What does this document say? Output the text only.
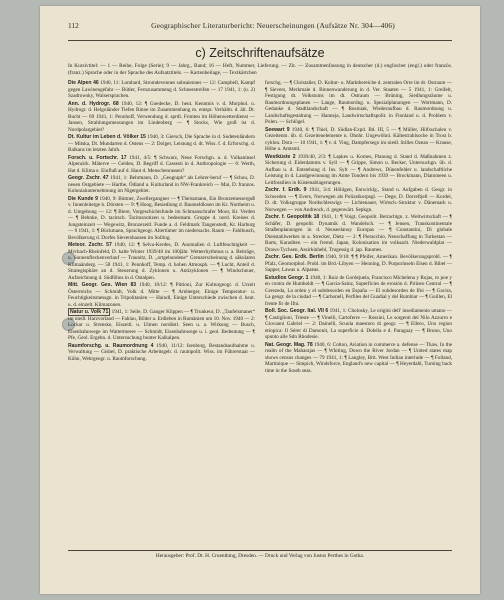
112	Geographischer Literaturbericht: Neuerscheinungen (Aufsätze Nr. 304—406)
c) Zeitschriftenaufsätze
In Kursivtitel: — 1 — Reihe, Folge (Serie); 9 — Jahrg., Band; 16 — Heft, Nummer, Lieferung. — Zit. — Zusammenfassung in deutscher (d.) englischer (engl.) oder französ. (franz.) Sprache oder in der Sprache des Aufsatztitels. — Kartenbeilage, — Textkärtchen

Die Alpen 46 1940, 11: Lombard, Stromdevennes subsaiennes — 12: Campbell, Kampf gegen Lawinengefahr — Bütler, Fernzusammeng d. Schneestreifen — 17 1941, 1: (u. 2) Szadrowsky, Walsersprachen.

Ann. d. Hydrogr. 68 1940, 12: ¶ Goedecke, D. heut. Kenntnis v. d. Morphol. u. Hydrogr. d. Helgoländer Tiefen Rinne im Zusammenhang m. entspr. Verhältn. d. ält. Dt. Bucht — 69 1941, 1: Pennhoff, Verwendung d. sprdl. Fronten im Höhenwetterdienst — Jansen, Strahlungsmessungen im Lindenberg — ¶ Stocks, Wie groß ist d. Nordpolargebiet?

Dt. Kultur im Leben d. Völker 15 1940, 3: Giersch, Die Sprache in d. Sudetenländern — Mitska, Dt. Mundarten d. Ostens — 2: Dolger, Leistung d. dt. Wiss. f. d. Erforschg. d. Balkans im letzten Jahrh.

Forsch. u. Fortschr. 17 1941, 4/5: ¶ Schwarz, Neue Forschgn. a. d. Vulkaninsel Alpenzirk. Mäterve — Gelden, D. Begriff d. Cassesti in d. Anthropologie — 6: Werth, Hat d. Klima e. Einfluß auf d. Haut d. Menschenrassen?

Geogr. Zschr. 47 1941, 1: Behrmann, D. „Geograph“ als Lehrer-beruf — ¶ Schou, D. neuen Ostgebiete — Harthe, Ödland u. Kulturland in NW-Frankreich — Mai, D. franzos. Kolonialunternehmung im Nigergebiet.

Die Kunde 9 1940, 9: Büttner, Zwellergangner — ¶ Theissmann, Ein Bronzemesserguß v. Innenleiterge b. Dörsten — 9: ¶ Hoog, Besiedlung d. Baumeldlosen im Kr. Northeim u. d. Umgebung — 12: ¶ Biere, Vorgeschichtsfunde im Schmanschrafer Moor, Kr. Verden — ¶ Behnke, D. tacitsch. Tacitusnotizen u. bedeutsam. Gruppe d. nord. Kreises d. Jungsteinzeit — Wegewitz, Bronzezeitl. Funde a. d. Feldmark Tangenstedt, Kr. Harburg — 9 1941, 1: ¶ Bückmann, Sprachgeogr. Altertümer im niedersachs. Raum — Fahlbusch, Bevölkerung d. Dorfes Sievershausen im Solling.

Meteor. Zschr. 57 1940, 12: ¶ Selva-Kerdes, D. Anomalien d. Luftfeuchtigkeit — Myrbach-Rheinfeld, D. kalte Winter 1939/40 im 100jähr. Wetterrhythmus u. a. Beiträge, u. Sonnenfleckenverlauf — Traunitz, D. „ortgebundene“ Grenzerscheinung d. säkularen Klimaänderg. — 58 1941, 1: Pennhoff, Temp. d. hohen Atmosph. — ¶ Lucht, Anteil d. Strategisphäre an d. Steuerung d. Zyklonen u. Antizyklonen — ¶ Windschnuer, Aufzeichnung d. Südföhns in d. Ostalpen.

Mitt. Geogr. Ges. Wien 83 1940, 10/12: ¶ Pittioni, Zur Kulturgeogr. d. Urzeit Österreichs — Schmidt, Volk d. Mitte — ¶ Arnberger, Einige Temperatur- u. Feuchtigkeitsmessgn. in Tripolitanien — Haindl, Einige Unterschiede zwischen d. heut. u. d. einzelt. Klimazonen.

Natur u. Volk 71 1941, 1: Seile, D. Ganger Klippen — ¶ Trunkeur, D. „Tanfelsmaner“ im niedl. Harzvorland — Fahlau, Bilder a. Erdleben in Rumänien um 10. Nov. 1940 — 2: Lockar u. Strenske, Eiszeitl. u. Ulmen nordöstl. Seen u. a. Wirkung — Busch, Eisenbahnwege im Wattermeere — Schmidt, Eisenbahnwege u. i. geol. Bedeutung — ¶ Pfe, Geol. Ergebn. d. Untersuchung bunter Kalkalpen.

Raumforschg. u. Raumordnung 4 1940, 11/12: Isenburg, Bestandsaufnahme u. Verwaltung — Gisbel, D. praktische Arbeitsgeb. d. raumpolit. Wiss. im Führerstaat — Kühn, Wehrgeogr. u. Raumforschung.

forschg. — ¶ Christaller, D. Kultur- u. Marktbereiche d. zentralen Orte im dt. Ostraum — ¶ Sievers, Merkmale d. Binnenwanderung in d. Ver. Staaten — 5 1941, 1: Greifelt, Festigung dt. Volkstums im dt. Ostraum — Brüning, Siedlungsräume u. Raumordnungsplanen — Lange, Raumordng. u. Spezialplanungen — Wortmann, D. Gedanke d. Stadtlandschaft — ¶ Rusiniak, Wiederaufbau d. Raumordnung u. Landschaftsgestaltung — Hanneja, Landwirtschaftspolit. in Finnland u. d. Problem v. Polen. — Schlögel.

Seewart 9 1940, 6: ¶ Thiel, D. Südlan-Expd. Bd. III, 5 — ¶ Müller, Hilfsschalen v. Gezeitenm. üb. d. Gezeitenelemente n. Ohnhr. Ungewöhnl. Kältestrahlsoche in Trost b. cyklon. Dora — 10 1941, 1: ¶ v. d. Ving, Dampfersego im niedl. Stilles Ozean — Krause, Höhe u. Amtsml.

Westküste 2 1939/40, 2/3: ¶ Lapkes u. Kornes, Planung d. Stand d. Maßnahmen z. Sicherung d. Eiderdamms v. Syll — ¶ Grippe, Simon u. Becker, Untersuchgn. üb. d. Aufbau u. d. Entstehung d. Ins. Sylt — ¶ Andrews, Dünenfelder u. landschaftliche Leistung in d. Landgewinnung im Amte Tondern bis 1939 — Brockmann, Diatomeen u. Leitfossilien in Küstenablagerungen.

Zschr. f. Erdk. 9 1941, 3/4: Höhlgen, Entwicklg., Stand u. Aufgaben d. Geogr. in Schweden — ¶ Evers, Norwegen als Polizeikorpsgl. — Dege, D. Dorreftjell — Kordel, D. dt. Volksgruppe Nordschleswigs — Lichtenauer, Wirtsch.-Struktur v. Dänemark u. Norwegen — von Andreock, d. gegenwärt. Sepkgn.

Zschr. f. Geopolitik 18 1941, 1: ¶ Voigt, Geopolit. Betrachtgn. z. Weltwirtschaft — ¶ Schäfer, D. geopolit. Dynamik d. Wandelsch. — ¶ Jensen, Transkontinentale Straßenplanungen in d. Neuseelanuy Europas — ¶ Constantini, Di globale Dienstahlwerkes in a. Strecker, Dietz — 2: ¶ Pieracchio, Neuschaffung in Turkestan — Barts, Karaditen — ein fremd. Japan, Kolonisation im volksarit. Niederwaldplat — Draws-Tychsen, Assirkinhehl, Trugessig d. jap. Raumes.

Zschr. Ges. Erdk. Berlin 1940, 9/10: ¶ ¶ Pfeifer, Amerikan. Bevölkerungsprobl. — ¶ Pfalz, Geomorphol. Probl. im Brd.-Libyen — Henning, D. Purpurinseln Elsen d. Bibel — Sapper, Lawas u. Alpaeas.

Estudios Geogr. 1 1940, 1: Ruiz de Gordejuela, Francisco Michelena y Rojas, ro poe y en contra de Humboldt — ¶ Garcia-Sainz, Superficies de erosión d. Pirineo Central — ¶ Cerezeda, La orden y el subdesorden en España — El subdesorden de Ifni — ¶ Gavira, La geogr. de la ciudad — ¶ Carbonell, Perfiles del Guadial y del Rumbiar — ¶ Guillen, El frente fir de Ifni.

Boll. Soc. Geogr. Ital. VII 6 1941, 1: Cholosky, Le origini dell' insediamento umano — ¶ Castiglioni, Trieste — ¶ Vinelli, Cartoferre — Rossini, Le sorgenti del Nilo Azzurro e Giovanni Gabriel — 2: Dainelli, Scuola maestoro di geogr. — ¶ Ellero, Uno region etiopica: Il Séret di Damonit, La superficie d. Dobéla e d. Paraguay — ¶ Bruno, Uno spunto alle Sdn Rhodesie.

Nat. Geogr. Mag. 78 1940, 6: Colton, Aviation in commerce a. defense — Thaw, In the realm of the Maharajas — ¶ Whiting, Down the River Jordan — ¶ United states map shows census changes — 79 1941, 1: ¶ Langley, Brit. West Indian interlude — ¶ Folland, Martinique — Simpich, Windsforce, England's new capital — ¶ Heyerdahl, Turning back time in the South seas.

Herausgeber: Prof. Dr. H. Cruenthing, Dresden. — Druck und Verlag von Justus Perthes in Gotha.
